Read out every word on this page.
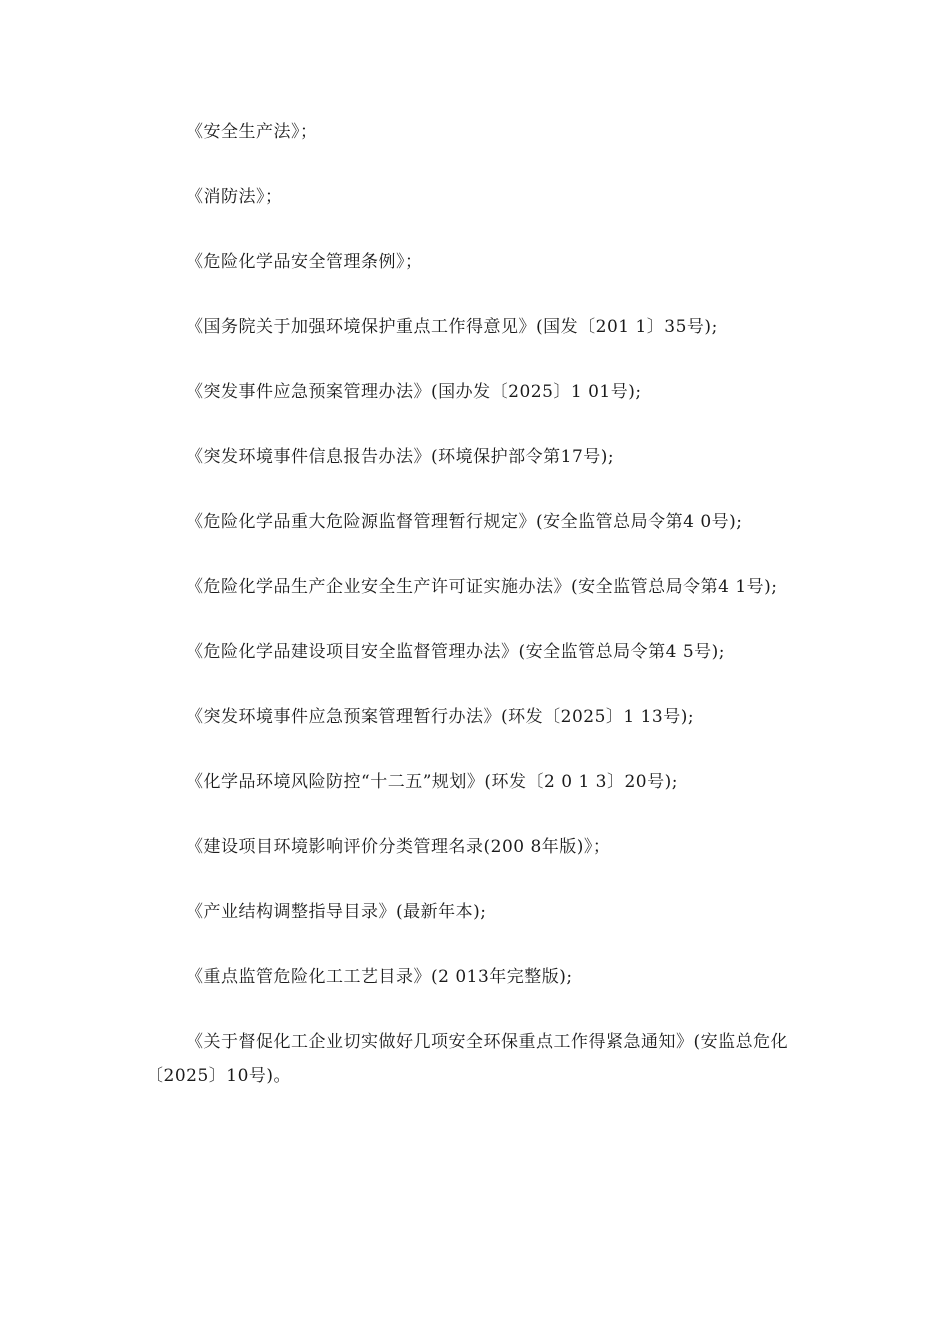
《安全生产法》；

《消防法》；

《危险化学品安全管理条例》；

《国务院关于加强环境保护重点工作得意见》(国发〔201 1〕35号);

《突发事件应急预案管理办法》(国办发〔2025〕1 01号);

《突发环境事件信息报告办法》(环境保护部令第17号);

《危险化学品重大危险源监督管理暂行规定》(安全监管总局令第4 0号);

《危险化学品生产企业安全生产许可证实施办法》(安全监管总局令第4 1号);

《危险化学品建设项目安全监督管理办法》(安全监管总局令第4 5号);

《突发环境事件应急预案管理暂行办法》(环发〔2025〕1 13号);

《化学品环境风险防控“十二五”规划》(环发〔2 0 1 3〕20号);

《建设项目环境影响评价分类管理名录(200 8年版)》；

《产业结构调整指导目录》(最新年本);

《重点监管危险化工工艺目录》(2 013年完整版);

《关于督促化工企业切实做好几项安全环保重点工作得紧急通知》(安监总危化〔2025〕10号)。
